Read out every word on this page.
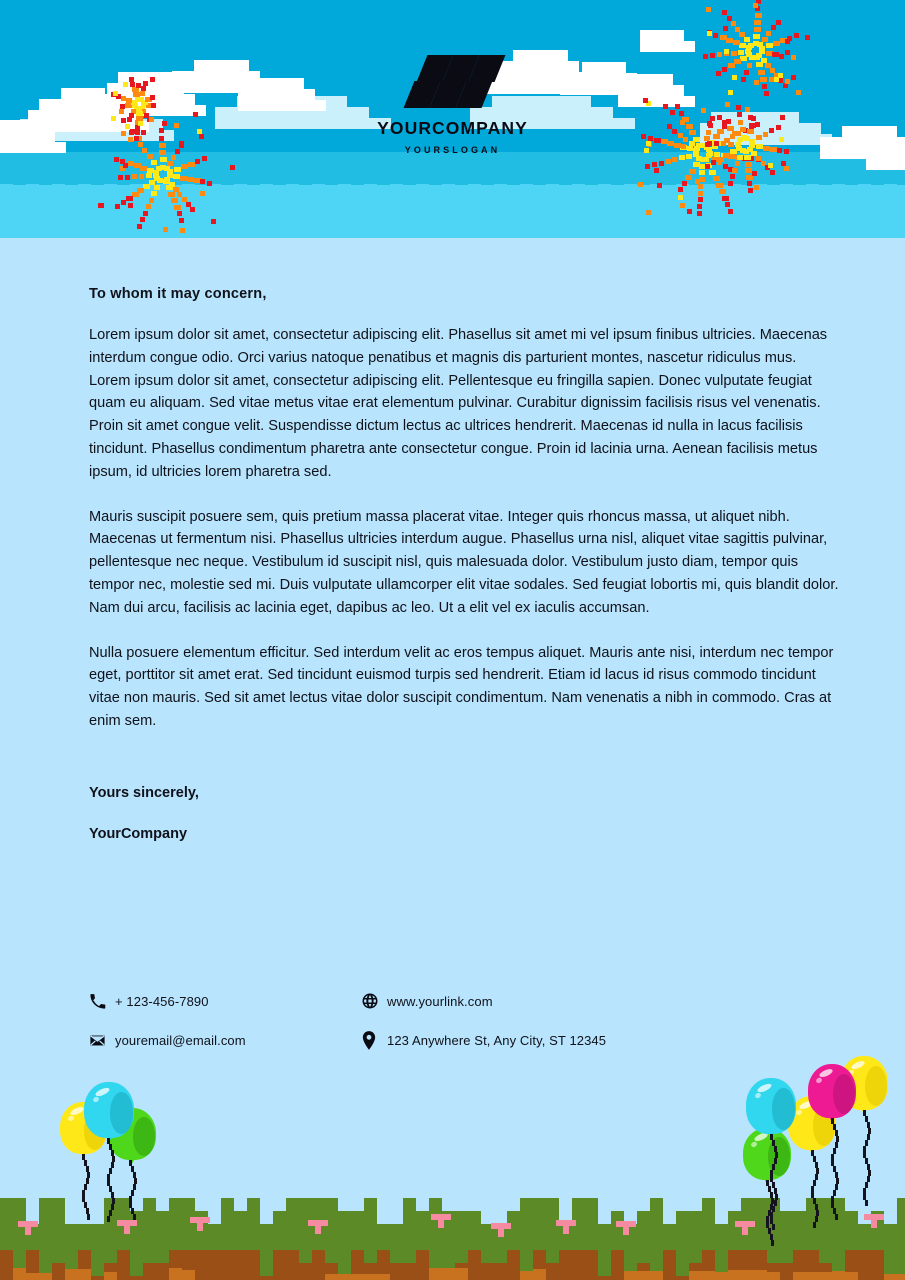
YOURCOMPANY
YOURSLOGAN
To whom it may concern,
Lorem ipsum dolor sit amet, consectetur adipiscing elit. Phasellus sit amet mi vel ipsum finibus ultricies. Maecenas interdum congue odio. Orci varius natoque penatibus et magnis dis parturient montes, nascetur ridiculus mus. Lorem ipsum dolor sit amet, consectetur adipiscing elit. Pellentesque eu fringilla sapien. Donec vulputate feugiat quam eu aliquam. Sed vitae metus vitae erat elementum pulvinar. Curabitur dignissim facilisis risus vel venenatis. Proin sit amet congue velit. Suspendisse dictum lectus ac ultrices hendrerit. Maecenas id nulla in lacus facilisis tincidunt. Phasellus condimentum pharetra ante consectetur congue. Proin id lacinia urna. Aenean facilisis metus ipsum, id ultricies lorem pharetra sed.
Mauris suscipit posuere sem, quis pretium massa placerat vitae. Integer quis rhoncus massa, ut aliquet nibh. Maecenas ut fermentum nisi. Phasellus ultricies interdum augue. Phasellus urna nisl, aliquet vitae sagittis pulvinar, pellentesque nec neque. Vestibulum id suscipit nisl, quis malesuada dolor. Vestibulum justo diam, tempor quis tempor nec, molestie sed mi. Duis vulputate ullamcorper elit vitae sodales. Sed feugiat lobortis mi, quis blandit dolor. Nam dui arcu, facilisis ac lacinia eget, dapibus ac leo. Ut a elit vel ex iaculis accumsan.
Nulla posuere elementum efficitur. Sed interdum velit ac eros tempus aliquet. Mauris ante nisi, interdum nec tempor eget, porttitor sit amet erat. Sed tincidunt euismod turpis sed hendrerit. Etiam id lacus id risus commodo tincidunt vitae non mauris. Sed sit amet lectus vitae dolor suscipit condimentum. Nam venenatis a nibh in commodo. Cras at enim sem.
Yours sincerely,
YourCompany
+ 123-456-7890	www.yourlink.com
youremail@email.com	123 Anywhere St, Any City, ST 12345
